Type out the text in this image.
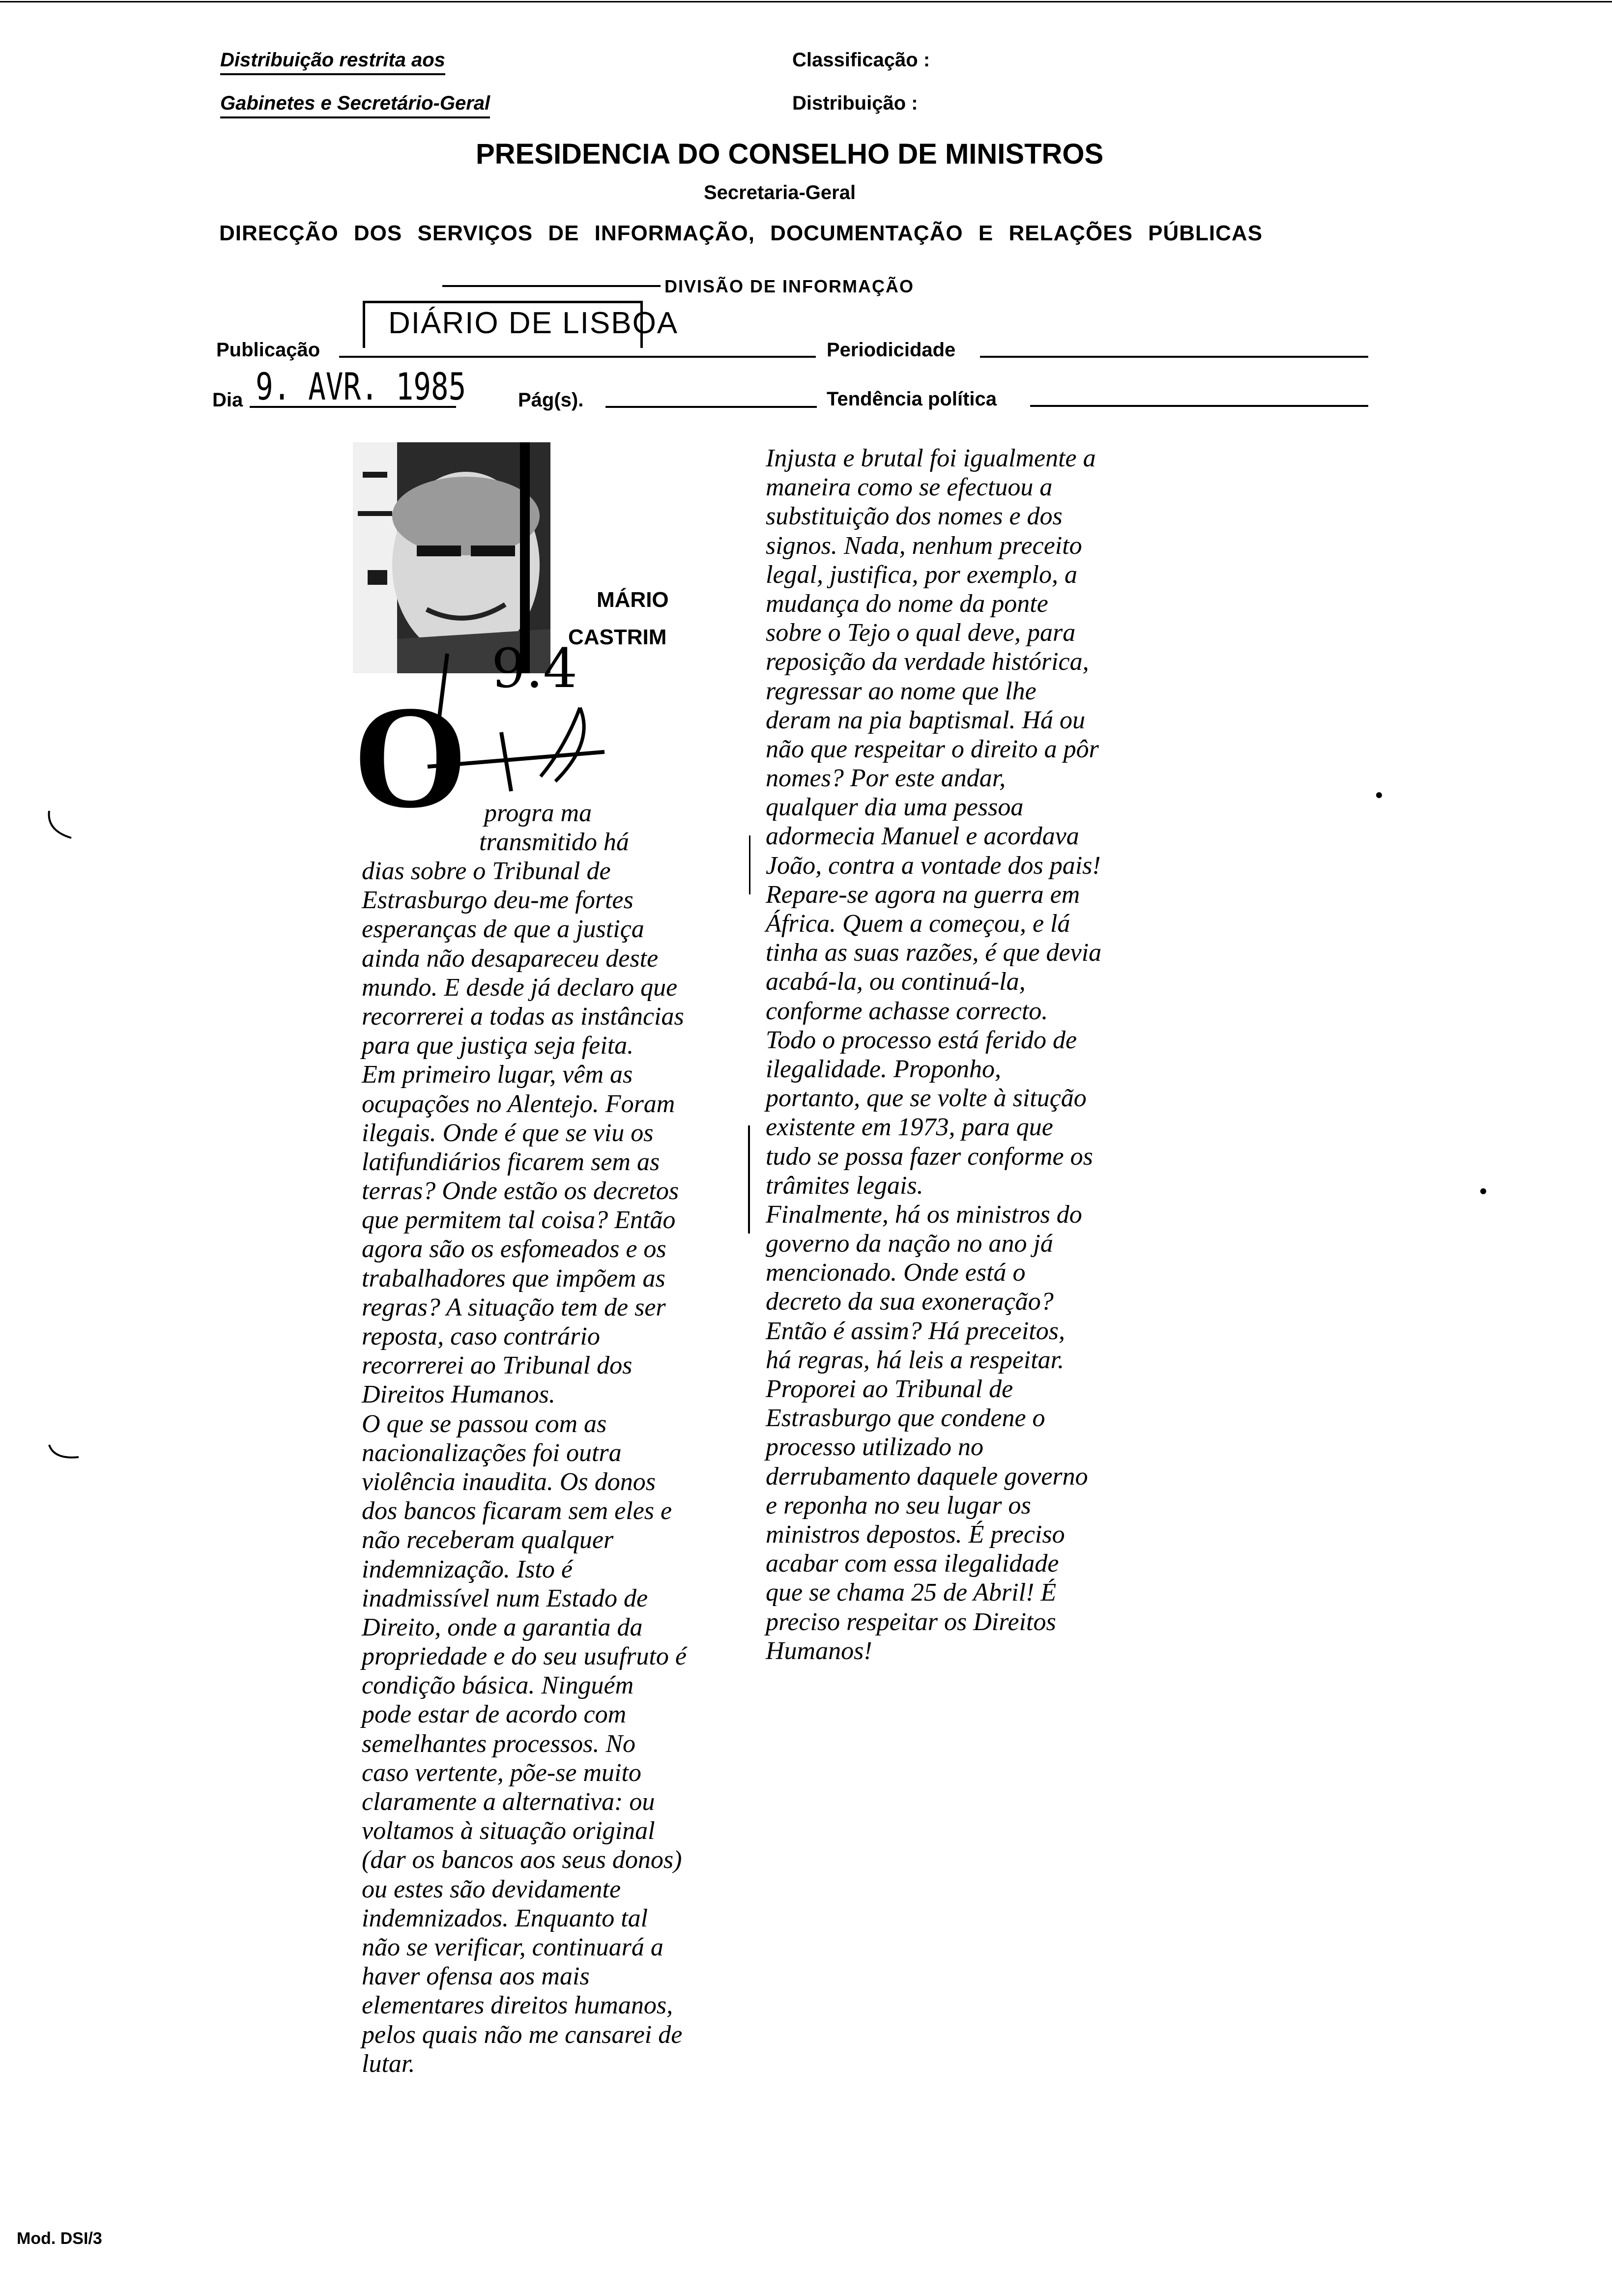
Distribuição restrita aos
Gabinetes e Secretário-Geral
Classificação :
Distribuição :
PRESIDENCIA DO CONSELHO DE MINISTROS
Secretaria-Geral
DIRECÇÃO DOS SERVIÇOS DE INFORMAÇÃO, DOCUMENTAÇÃO E RELAÇÕES PÚBLICAS
DIVISÃO DE INFORMAÇÃO
Publicação
DIÁRIO DE LISBOA
Periodicidade
Dia 9. AVR. 1985	Pág(s).	Tendência política
MÁRIO
CASTRIM
O
9.4
progra ma
transmitido há
dias sobre o Tribunal de
Estrasburgo deu-me fortes
esperanças de que a justiça
ainda não desapareceu deste
mundo. E desde já declaro que
recorrerei a todas as instâncias
para que justiça seja feita.
Em primeiro lugar, vêm as
ocupações no Alentejo. Foram
ilegais. Onde é que se viu os
latifundiários ficarem sem as
terras? Onde estão os decretos
que permitem tal coisa? Então
agora são os esfomeados e os
trabalhadores que impõem as
regras? A situação tem de ser
reposta, caso contrário
recorrerei ao Tribunal dos
Direitos Humanos.
O que se passou com as
nacionalizações foi outra
violência inaudita. Os donos
dos bancos ficaram sem eles e
não receberam qualquer
indemnização. Isto é
inadmissível num Estado de
Direito, onde a garantia da
propriedade e do seu usufruto é
condição básica. Ninguém
pode estar de acordo com
semelhantes processos. No
caso vertente, põe-se muito
claramente a alternativa: ou
voltamos à situação original
(dar os bancos aos seus donos)
ou estes são devidamente
indemnizados. Enquanto tal
não se verificar, continuará a
haver ofensa aos mais
elementares direitos humanos,
pelos quais não me cansarei de
lutar.
Injusta e brutal foi igualmente a
maneira como se efectuou a
substituição dos nomes e dos
signos. Nada, nenhum preceito
legal, justifica, por exemplo, a
mudança do nome da ponte
sobre o Tejo o qual deve, para
reposição da verdade histórica,
regressar ao nome que lhe
deram na pia baptismal. Há ou
não que respeitar o direito a pôr
nomes? Por este andar,
qualquer dia uma pessoa
adormecia Manuel e acordava
João, contra a vontade dos pais!
Repare-se agora na guerra em
África. Quem a começou, e lá
tinha as suas razões, é que devia
acabá-la, ou continuá-la,
conforme achasse correcto.
Todo o processo está ferido de
ilegalidade. Proponho,
portanto, que se volte à situção
existente em 1973, para que
tudo se possa fazer conforme os
trâmites legais.
Finalmente, há os ministros do
governo da nação no ano já
mencionado. Onde está o
decreto da sua exoneração?
Então é assim? Há preceitos,
há regras, há leis a respeitar.
Proporei ao Tribunal de
Estrasburgo que condene o
processo utilizado no
derrubamento daquele governo
e reponha no seu lugar os
ministros depostos. É preciso
acabar com essa ilegalidade
que se chama 25 de Abril! É
preciso respeitar os Direitos
Humanos!
Mod. DSI/3
